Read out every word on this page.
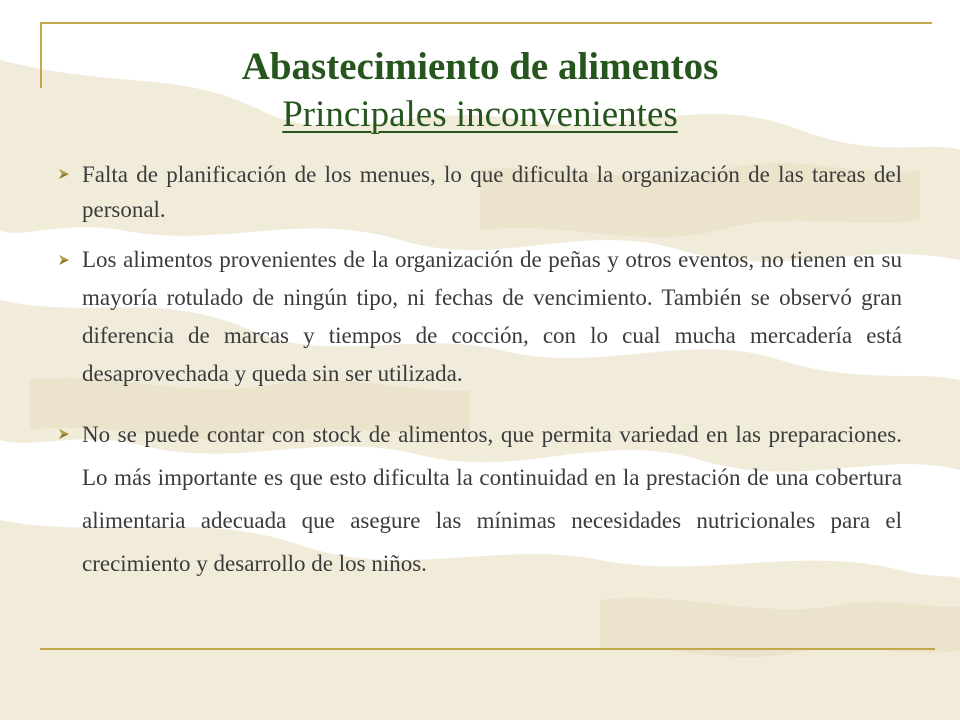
Abastecimiento de alimentos
Principales inconvenientes
Falta de planificación de los menues, lo que dificulta la organización de las tareas del personal.
Los alimentos provenientes de la organización de peñas y otros eventos, no tienen en su mayoría rotulado de ningún tipo, ni fechas de vencimiento. También se observó gran diferencia de marcas y tiempos de cocción, con lo cual mucha mercadería está desaprovechada y queda sin ser utilizada.
No se puede contar con stock de alimentos, que permita variedad en las preparaciones. Lo más importante es que esto dificulta la continuidad en la prestación de una cobertura alimentaria adecuada que asegure las mínimas necesidades nutricionales para el crecimiento y desarrollo de los niños.
